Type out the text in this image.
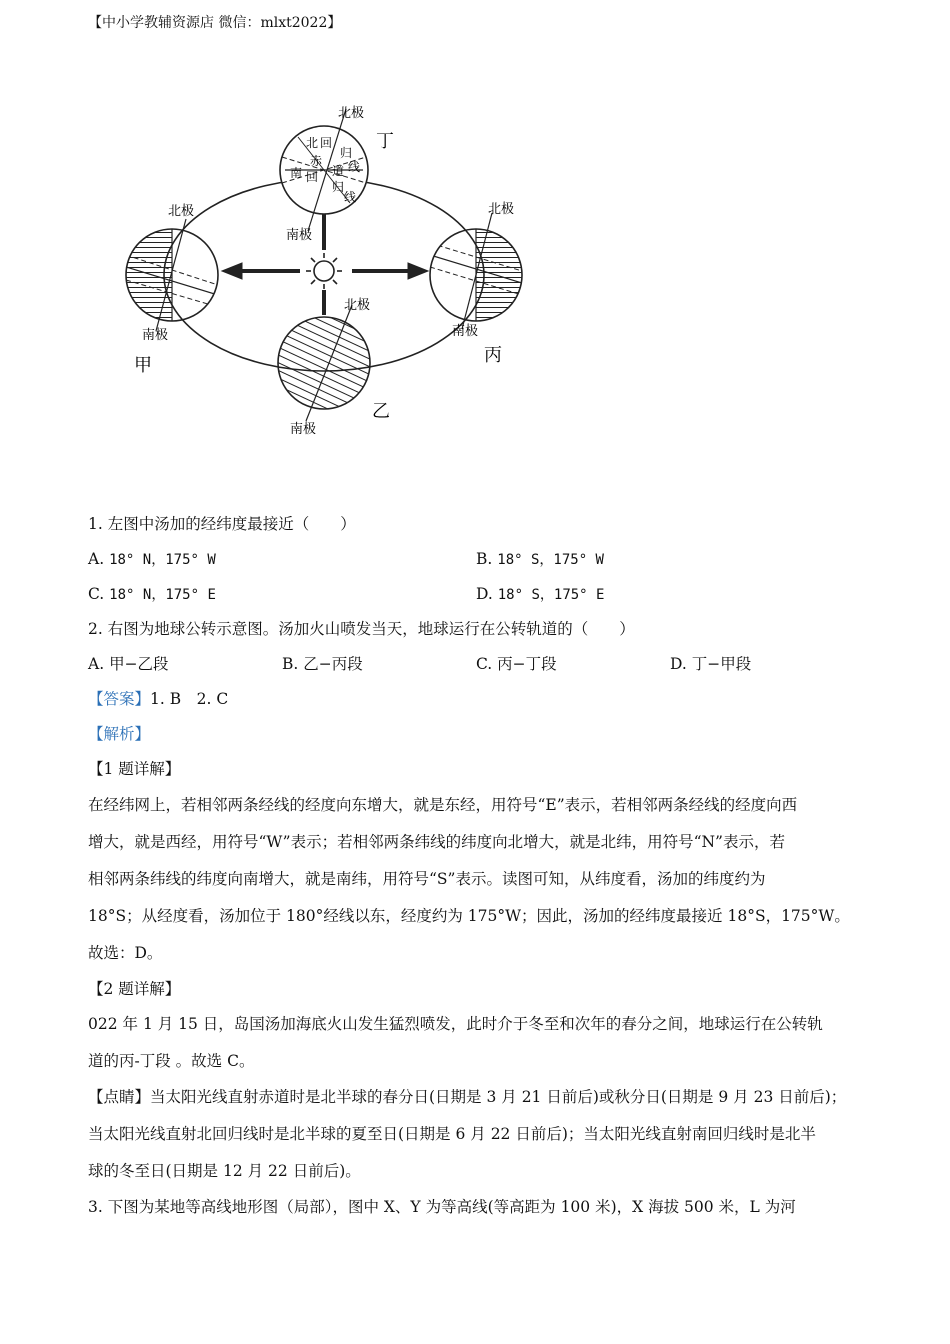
【中小学教辅资源店 微信：mlxt2022】
北 回
归
线
赤
道
南 回
归
线
北极
南极
丁
北极
南极
甲
北极
南极
丙
北极
南极
乙
1. 左图中汤加的经纬度最接近（　　）
A. 18° N，175° W	B. 18° S，175° W
C. 18° N，175° E	D. 18° S，175° E
2. 右图为地球公转示意图。汤加火山喷发当天，地球运行在公转轨道的（　　）
A. 甲−乙段	B. 乙−丙段	C. 丙−丁段	D. 丁−甲段
【答案】1. B　2. C
【解析】
【1 题详解】
在经纬网上，若相邻两条经线的经度向东增大，就是东经，用符号“E”表示，若相邻两条经线的经度向西
增大，就是西经，用符号“W”表示；若相邻两条纬线的纬度向北增大，就是北纬，用符号“N”表示，若
相邻两条纬线的纬度向南增大，就是南纬，用符号“S”表示。读图可知，从纬度看，汤加的纬度约为
18°S；从经度看，汤加位于 180°经线以东，经度约为 175°W；因此，汤加的经纬度最接近 18°S，175°W。
故选：D。
【2 题详解】
022 年 1 月 15 日，岛国汤加海底火山发生猛烈喷发，此时介于冬至和次年的春分之间，地球运行在公转轨
道的丙-丁段 。故选 C。
【点睛】当太阳光线直射赤道时是北半球的春分日(日期是 3 月 21 日前后)或秋分日(日期是 9 月 23 日前后)；
当太阳光线直射北回归线时是北半球的夏至日(日期是 6 月 22 日前后)；当太阳光线直射南回归线时是北半
球的冬至日(日期是 12 月 22 日前后)。
3. 下图为某地等高线地形图（局部），图中 X、Y 为等高线(等高距为 100 米)，X 海拔 500 米，L 为河
